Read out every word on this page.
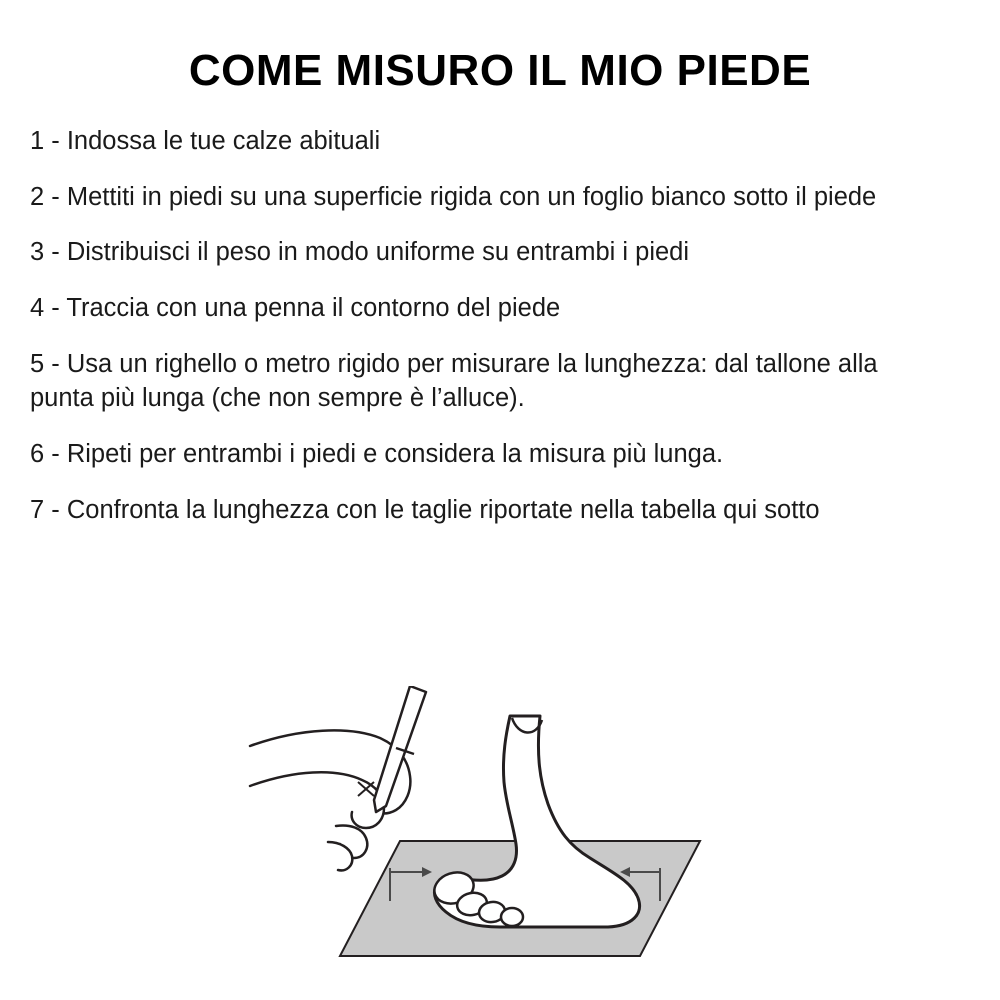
COME MISURO IL MIO PIEDE

1 - Indossa le tue calze abituali

2 - Mettiti in piedi su una superficie rigida con un foglio bianco sotto il piede

3 - Distribuisci il peso in modo uniforme su entrambi i piedi

4 - Traccia con una penna il contorno del piede

5 - Usa un righello o metro rigido per misurare la lunghezza: dal tallone alla punta più lunga (che non sempre è l’alluce).

6 - Ripeti per entrambi i piedi e considera la misura più lunga.

7 - Confronta la lunghezza con le taglie riportate nella tabella qui sotto
